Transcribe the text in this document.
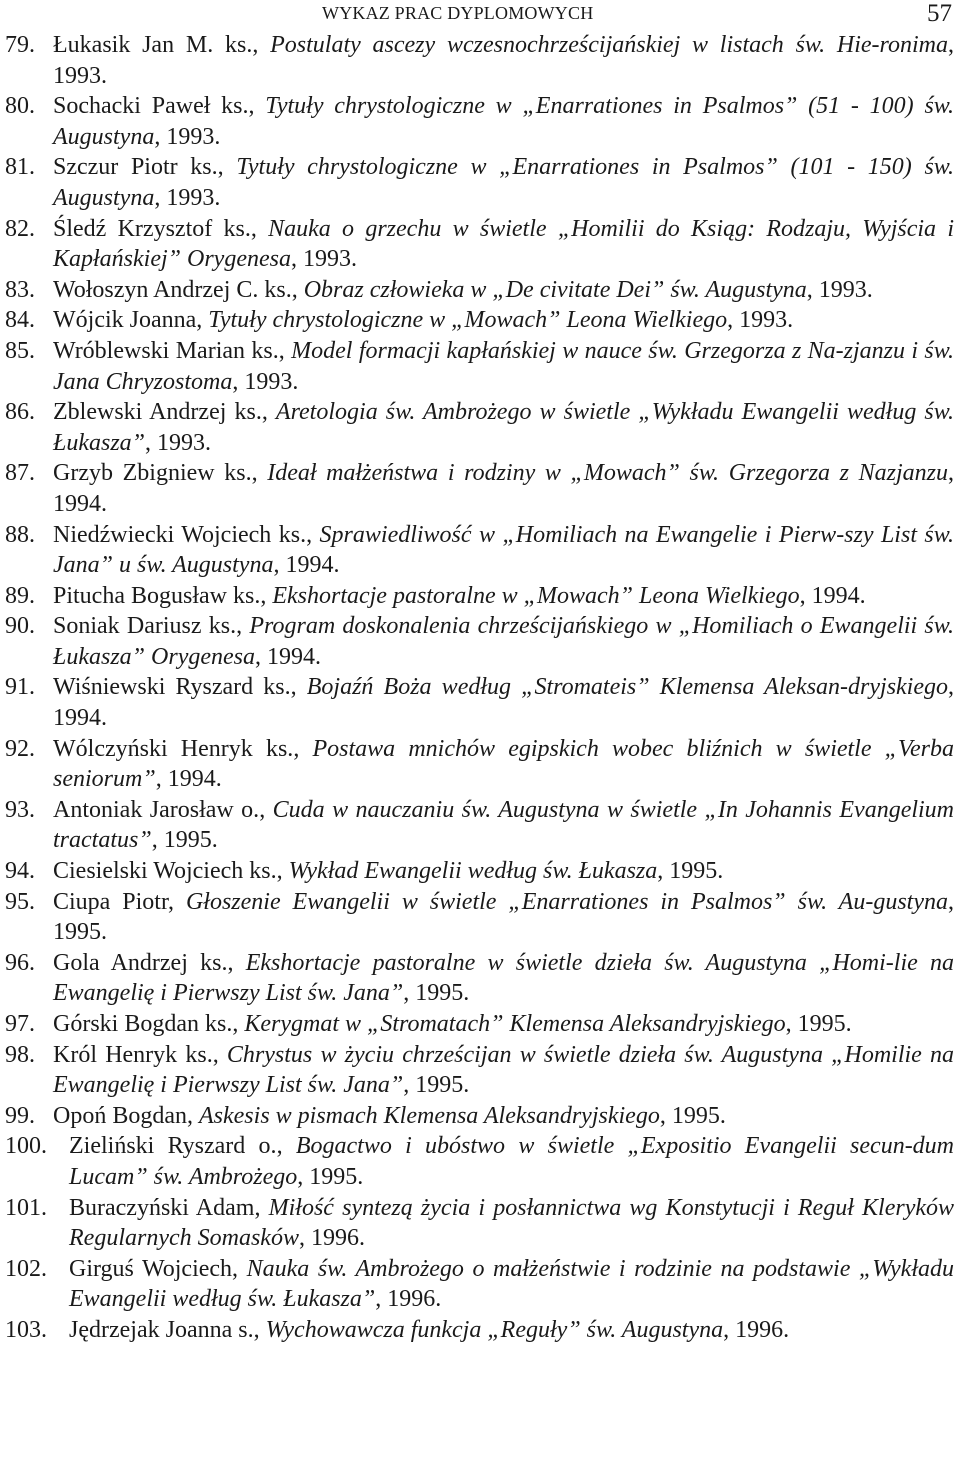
WYKAZ PRAC DYPLOMOWYCH	57
79. Łukasik Jan M. ks., Postulaty ascezy wczesnochrześcijańskiej w listach św. Hie-ronima, 1993.
80. Sochacki Paweł ks., Tytuły chrystologiczne w „Enarrationes in Psalmos” (51 - 100) św. Augustyna, 1993.
81. Szczur Piotr ks., Tytuły chrystologiczne w „Enarrationes in Psalmos” (101 - 150) św. Augustyna, 1993.
82. Śledź Krzysztof ks., Nauka o grzechu w świetle „Homilii do Ksiąg: Rodzaju, Wyjścia i Kapłańskiej” Orygenesa, 1993.
83. Wołoszyn Andrzej C. ks., Obraz człowieka w „De civitate Dei” św. Augustyna, 1993.
84. Wójcik Joanna, Tytuły chrystologiczne w „Mowach” Leona Wielkiego, 1993.
85. Wróblewski Marian ks., Model formacji kapłańskiej w nauce św. Grzegorza z Na-zjanzu i św. Jana Chryzostoma, 1993.
86. Zblewski Andrzej ks., Aretologia św. Ambrożego w świetle „Wykładu Ewangelii według św. Łukasza”, 1993.
87. Grzyb Zbigniew ks., Ideał małżeństwa i rodziny w „Mowach” św. Grzegorza z Nazjanzu, 1994.
88. Niedźwiecki Wojciech ks., Sprawiedliwość w „Homiliach na Ewangelie i Pierw-szy List św. Jana” u św. Augustyna, 1994.
89. Pitucha Bogusław ks., Ekshortacje pastoralne w „Mowach” Leona Wielkiego, 1994.
90. Soniak Dariusz ks., Program doskonalenia chrześcijańskiego w „Homiliach o Ewangelii św. Łukasza” Orygenesa, 1994.
91. Wiśniewski Ryszard ks., Bojaźń Boża według „Stromateis” Klemensa Aleksan-dryjskiego, 1994.
92. Wólczyński Henryk ks., Postawa mnichów egipskich wobec bliźnich w świetle „Verba seniorum”, 1994.
93. Antoniak Jarosław o., Cuda w nauczaniu św. Augustyna w świetle „In Johannis Evangelium tractatus”, 1995.
94. Ciesielski Wojciech ks., Wykład Ewangelii według św. Łukasza, 1995.
95. Ciupa Piotr, Głoszenie Ewangelii w świetle „Enarrationes in Psalmos” św. Au-gustyna, 1995.
96. Gola Andrzej ks., Ekshortacje pastoralne w świetle dzieła św. Augustyna „Homi-lie na Ewangelię i Pierwszy List św. Jana”, 1995.
97. Górski Bogdan ks., Kerygmat w „Stromatach” Klemensa Aleksandryjskiego, 1995.
98. Król Henryk ks., Chrystus w życiu chrześcijan w świetle dzieła św. Augustyna „Homilie na Ewangelię i Pierwszy List św. Jana”, 1995.
99. Opoń Bogdan, Askesis w pismach Klemensa Aleksandryjskiego, 1995.
100. Zieliński Ryszard o., Bogactwo i ubóstwo w świetle „Expositio Evangelii secun-dum Lucam” św. Ambrożego, 1995.
101. Buraczyński Adam, Miłość syntezą życia i posłannictwa wg Konstytucji i Reguł Kleryków Regularnych Somasków, 1996.
102. Girguś Wojciech, Nauka św. Ambrożego o małżeństwie i rodzinie na podstawie „Wykładu Ewangelii według św. Łukasza”, 1996.
103. Jędrzejak Joanna s., Wychowawcza funkcja „Reguły” św. Augustyna, 1996.
